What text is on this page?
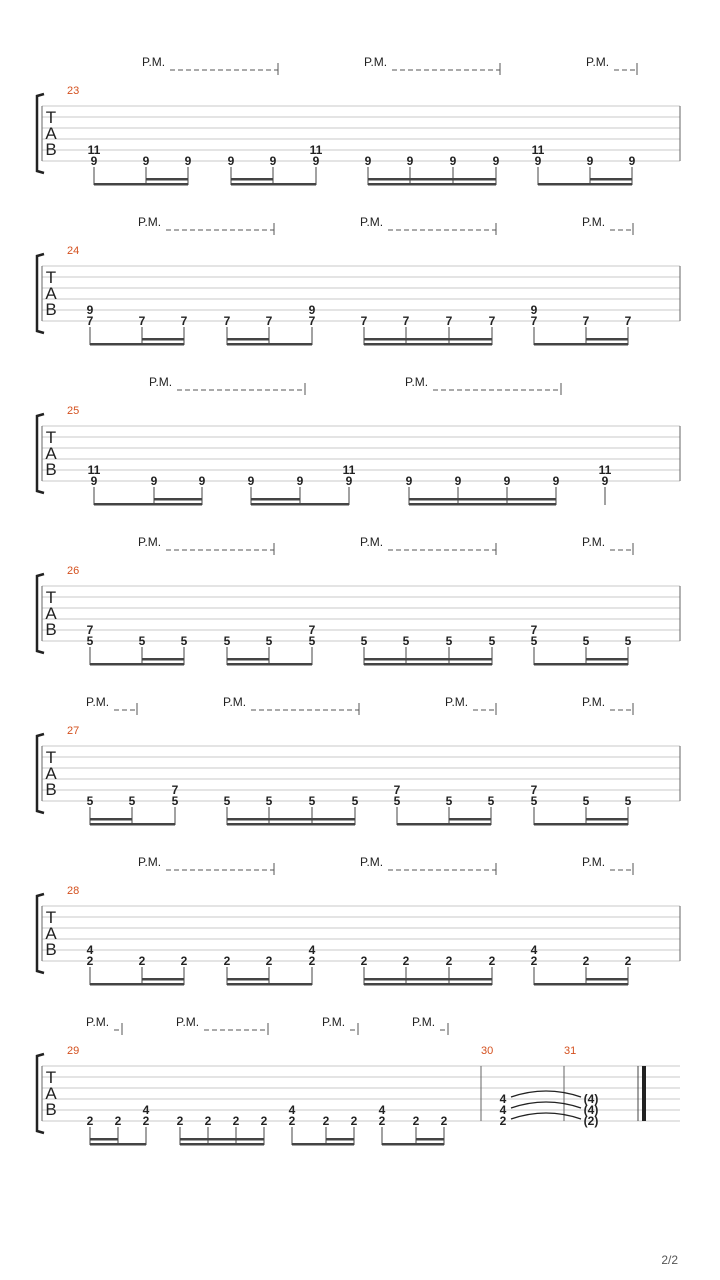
T
A
B
23
P.M.	P.M.	P.M.
11
9	9	9	9	9
11
9	9	9	9	9
11
9	9	9
T
A
B
24
P.M.	P.M.	P.M.
9
7	7	7	7	7
9
7	7	7	7	7
9
7	7	7
T
A
B
25
P.M.	P.M.
11
9	9	9	9	9
11
9	9	9	9	9
11
9
T
A
B
26
P.M.	P.M.	P.M.
7
5	5	5	5	5
7
5	5	5	5	5
7
5	5	5
T
A
B
27
P.M.	P.M.	P.M.	P.M.
5	5
7
5	5	5	5	5
7
5	5	5
7
5	5	5
T
A
B
28
P.M.	P.M.	P.M.
4
2	2	2	2	2
4
2	2	2	2	2
4
2	2	2
T
A
B
29	30	31
P.M.	P.M.	P.M.	P.M.
2 2
4
2 2 2 2 2
4
2 2 2
4
2 2 2
4
4
2
(4)
(4)
(2)
2/2
